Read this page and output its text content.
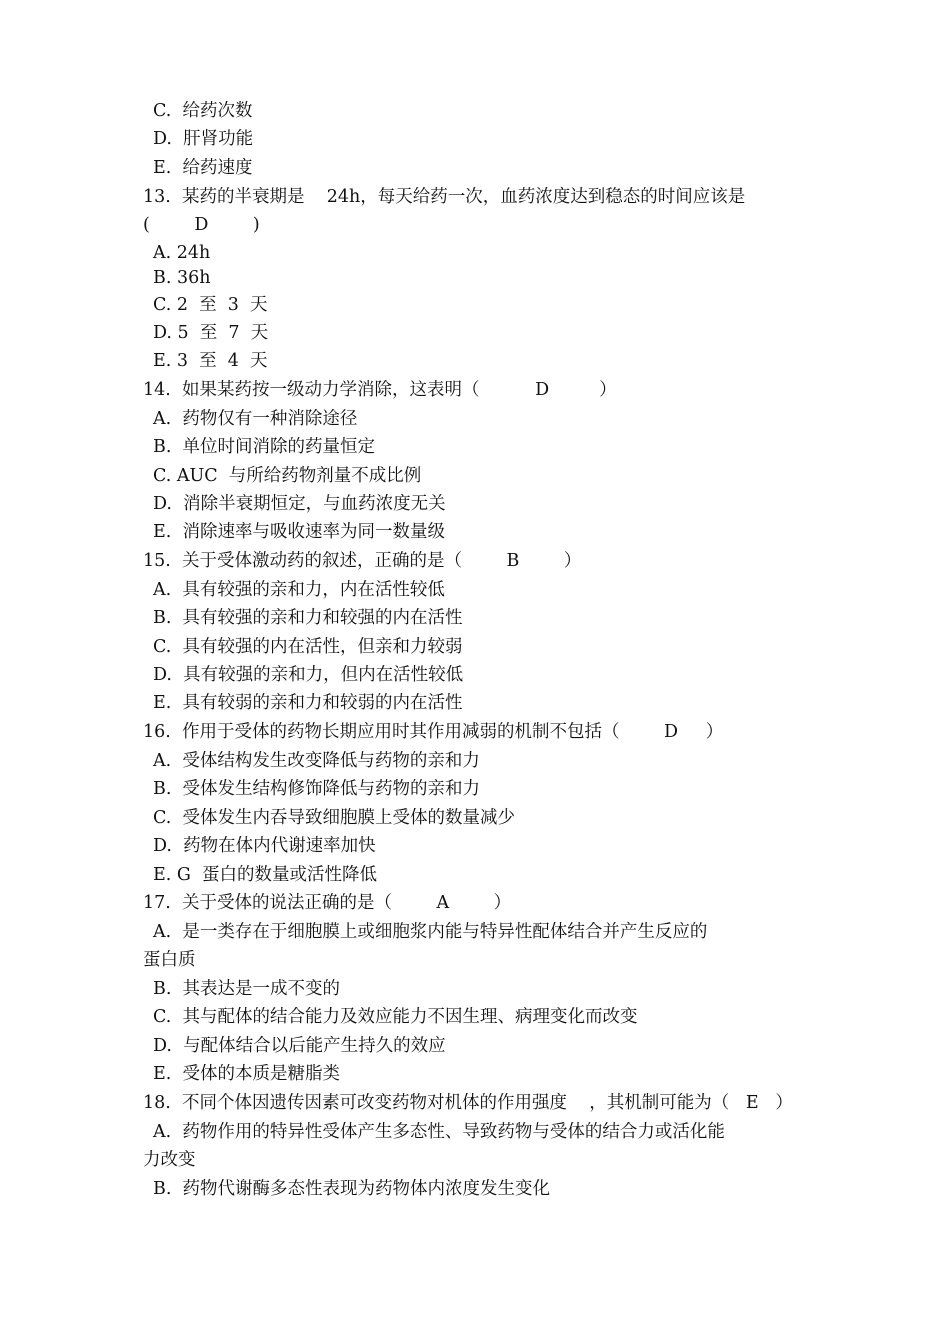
C.  给药次数
D.  肝肾功能
E.  给药速度
13.  某药的半衰期是    24h，每天给药一次，血药浓度达到稳态的时间应该是
(        D        )
A. 24h
B. 36h
C. 2  至  3  天
D. 5  至  7  天
E. 3  至  4  天
14.  如果某药按一级动力学消除，这表明（          D         ）
A.  药物仅有一种消除途径
B.  单位时间消除的药量恒定
C. AUC  与所给药物剂量不成比例
D.  消除半衰期恒定，与血药浓度无关
E.  消除速率与吸收速率为同一数量级
15.  关于受体激动药的叙述，正确的是（        B        ）
A.  具有较强的亲和力，内在活性较低
B.  具有较强的亲和力和较强的内在活性
C.  具有较强的内在活性，但亲和力较弱
D.  具有较强的亲和力，但内在活性较低
E.  具有较弱的亲和力和较弱的内在活性
16.  作用于受体的药物长期应用时其作用减弱的机制不包括（        D     ）
A.  受体结构发生改变降低与药物的亲和力
B.  受体发生结构修饰降低与药物的亲和力
C.  受体发生内吞导致细胞膜上受体的数量减少
D.  药物在体内代谢速率加快
E. G  蛋白的数量或活性降低
17.  关于受体的说法正确的是（        A        ）
A.  是一类存在于细胞膜上或细胞浆内能与特异性配体结合并产生反应的
蛋白质
B.  其表达是一成不变的
C.  其与配体的结合能力及效应能力不因生理、病理变化而改变
D.  与配体结合以后能产生持久的效应
E.  受体的本质是糖脂类
18.  不同个体因遗传因素可改变药物对机体的作用强度    ，其机制可能为（   E   ）
A.  药物作用的特异性受体产生多态性、导致药物与受体的结合力或活化能
力改变
B.  药物代谢酶多态性表现为药物体内浓度发生变化
